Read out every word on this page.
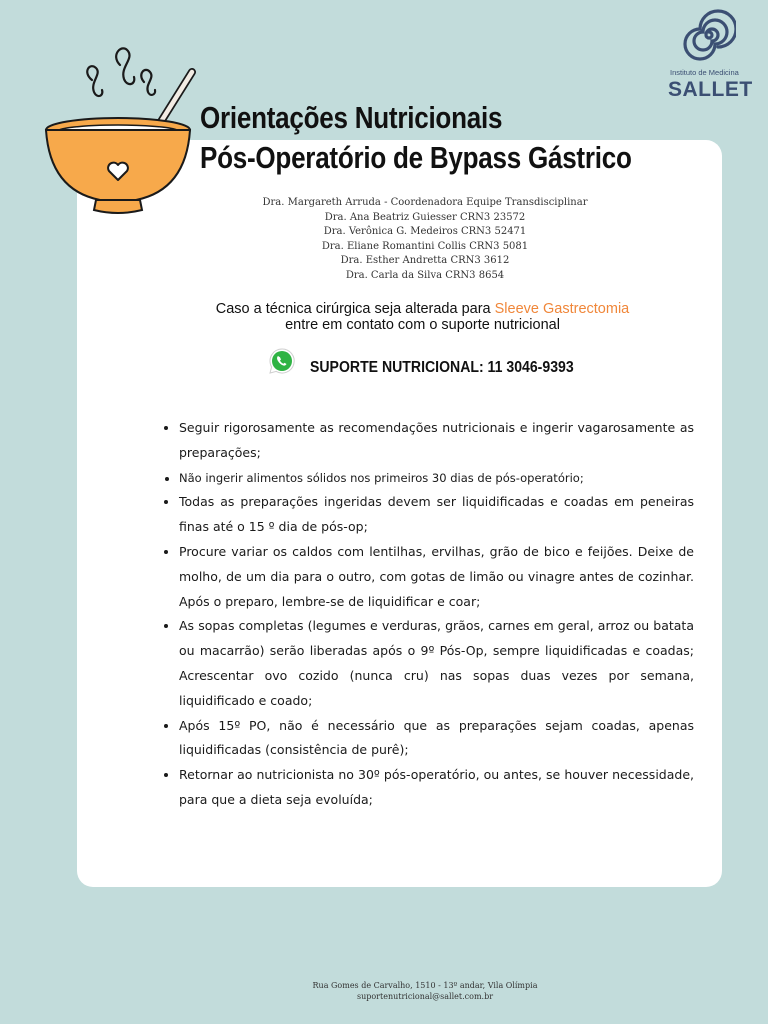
Instituto de Medicina
SALLET
Orientações Nutricionais
Pós-Operatório de Bypass Gástrico
Dra. Margareth Arruda - Coordenadora Equipe Transdisciplinar
Dra. Ana Beatriz Guiesser CRN3 23572
Dra. Verônica G. Medeiros CRN3 52471
Dra. Eliane Romantini Collis CRN3 5081
Dra. Esther Andretta CRN3 3612
Dra. Carla da Silva CRN3 8654
Caso a técnica cirúrgica seja alterada para Sleeve Gastrectomia
entre em contato com o suporte nutricional
SUPORTE NUTRICIONAL: 11 3046-9393
• Seguir rigorosamente as recomendações nutricionais e ingerir vagarosamente as preparações;
• Não ingerir alimentos sólidos nos primeiros 30 dias de pós-operatório;
• Todas as preparações ingeridas devem ser liquidificadas e coadas em peneiras finas até o 15 º dia de pós-op;
• Procure variar os caldos com lentilhas, ervilhas, grão de bico e feijões. Deixe de molho, de um dia para o outro, com gotas de limão ou vinagre antes de cozinhar. Após o preparo, lembre-se de liquidificar e coar;
• As sopas completas (legumes e verduras, grãos, carnes em geral, arroz ou batata ou macarrão) serão liberadas após o 9º Pós-Op, sempre liquidificadas e coadas; Acrescentar ovo cozido (nunca cru) nas sopas duas vezes por semana, liquidificado e coado;
• Após 15º PO, não é necessário que as preparações sejam coadas, apenas liquidificadas (consistência de purê);
• Retornar ao nutricionista no 30º pós-operatório, ou antes, se houver necessidade, para que a dieta seja evoluída;
Rua Gomes de Carvalho, 1510 - 13º andar, Vila Olímpia
suportenutricional@sallet.com.br
